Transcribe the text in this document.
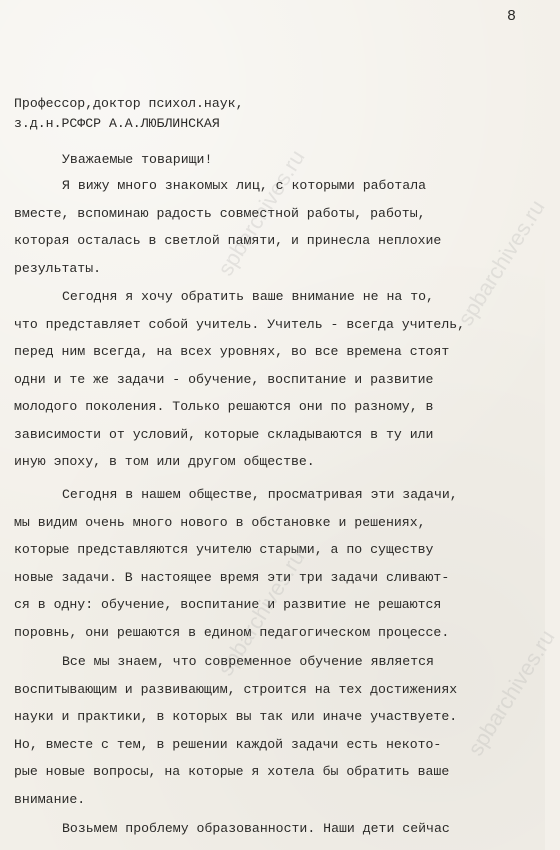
spbarchives.ru	spbarchives.ru
spbarchives.ru
spbarchives.ru
8
Профессор,доктор психол.наук,
з.д.н.РСФСР А.А.ЛЮБЛИНСКАЯ
Уважаемые товарищи!
Я вижу много знакомых лиц, с которыми работала
вместе, вспоминаю радость совместной работы, работы,
которая осталась в светлой памяти, и принесла неплохие
результаты.
Сегодня я хочу обратить ваше внимание не на то,
что представляет собой учитель. Учитель - всегда учитель,
перед ним всегда, на всех уровнях, во все времена стоят
одни и те же задачи - обучение, воспитание и развитие
молодого поколения. Только решаются они по разному, в
зависимости от условий, которые складываются в ту или
иную эпоху, в том или другом обществе.
Сегодня в нашем обществе, просматривая эти задачи,
мы видим очень много нового в обстановке и решениях,
которые представляются учителю старыми, а по существу
новые задачи. В настоящее время эти три задачи сливают-
ся в одну: обучение, воспитание и развитие не решаются
поровнь, они решаются в едином педагогическом процессе.
Все мы знаем, что современное обучение является
воспитывающим и развивающим, строится на тех достижениях
науки и практики, в которых вы так или иначе участвуете.
Но, вместе с тем, в решении каждой задачи есть некото-
рые новые вопросы, на которые я хотела бы обратить ваше
внимание.
Возьмем проблему образованности. Наши дети сейчас
